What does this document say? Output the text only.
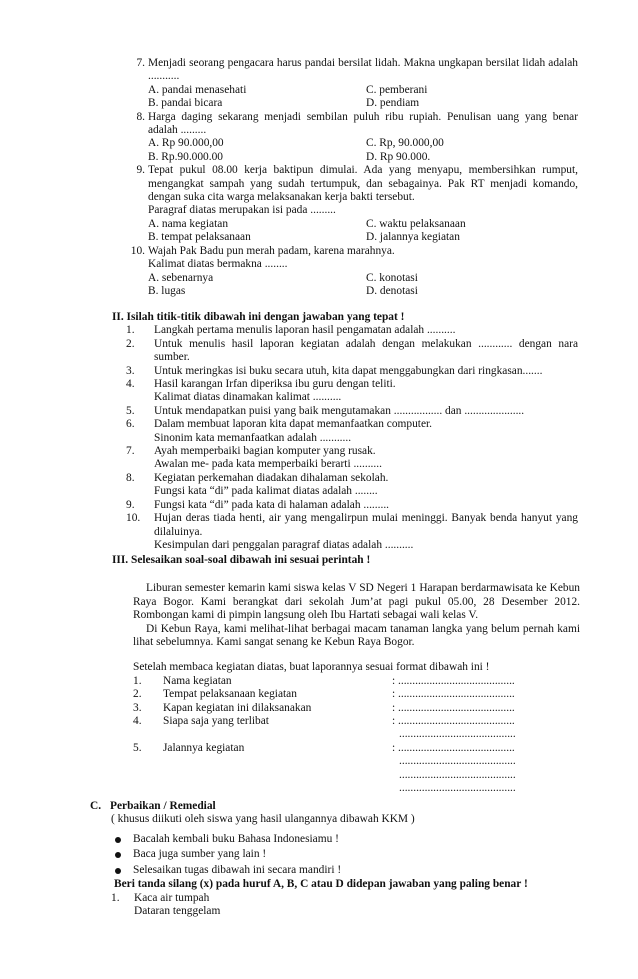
7. Menjadi seorang pengacara harus pandai bersilat lidah. Makna ungkapan bersilat lidah adalah ...........
A. pandai menasehati	C. pemberani
B. pandai bicara	D. pendiam
8. Harga daging sekarang menjadi sembilan puluh ribu rupiah. Penulisan uang yang benar adalah .........
A. Rp 90.000,00	C. Rp, 90.000,00
B. Rp.90.000.00	D. Rp 90.000.
9. Tepat pukul 08.00 kerja baktipun dimulai. Ada yang menyapu, membersihkan rumput, mengangkat sampah yang sudah tertumpuk, dan sebagainya. Pak RT menjadi komando, dengan suka cita warga melaksanakan kerja bakti tersebut.
Paragraf diatas merupakan isi pada .........
A. nama kegiatan	C. waktu pelaksanaan
B. tempat pelaksanaan	D. jalannya kegiatan
10. Wajah Pak Badu pun merah padam, karena marahnya.
Kalimat diatas bermakna ........
A. sebenarnya	C. konotasi
B. lugas	D. denotasi
II. Isilah titik-titik dibawah ini dengan jawaban yang tepat !
1.	Langkah pertama menulis laporan hasil pengamatan adalah ..........
2.	Untuk menulis hasil laporan kegiatan adalah dengan melakukan ............ dengan nara sumber.
3.	Untuk meringkas isi buku secara utuh, kita dapat menggabungkan dari ringkasan.......
4.	Hasil karangan Irfan diperiksa ibu guru dengan teliti.
Kalimat diatas dinamakan kalimat ..........
5.	Untuk mendapatkan puisi yang baik mengutamakan ................. dan .....................
6.	Dalam membuat laporan kita dapat memanfaatkan computer.
Sinonim kata memanfaatkan adalah ...........
7.	Ayah memperbaiki bagian komputer yang rusak.
Awalan me- pada kata memperbaiki berarti ..........
8.	Kegiatan perkemahan diadakan dihalaman sekolah.
Fungsi kata “di” pada kalimat diatas adalah ........
9.	Fungsi kata “di” pada kata di halaman adalah .........
10.	Hujan deras tiada henti, air yang mengalirpun mulai meninggi. Banyak benda hanyut yang dilaluinya.
Kesimpulan dari penggalan paragraf diatas adalah ..........
III. Selesaikan soal-soal dibawah ini sesuai perintah !
Liburan semester kemarin kami siswa kelas V SD Negeri 1 Harapan berdarmawisata ke Kebun Raya Bogor. Kami berangkat dari sekolah Jum’at pagi pukul 05.00, 28 Desember 2012. Rombongan kami di pimpin langsung oleh Ibu Hartati sebagai wali kelas V.
Di Kebun Raya, kami melihat-lihat berbagai macam tanaman langka yang belum pernah kami lihat sebelumnya. Kami sangat senang ke Kebun Raya Bogor.
Setelah membaca kegiatan diatas, buat laporannya sesuai format dibawah ini !
1. Nama kegiatan	: .........................................
2. Tempat pelaksanaan kegiatan	: .........................................
3. Kapan kegiatan ini dilaksanakan	: .........................................
4. Siapa saja yang terlibat	: .........................................
.........................................
5. Jalannya kegiatan	: .........................................
.........................................
.........................................
.........................................
C. Perbaikan / Remedial
( khusus diikuti oleh siswa yang hasil ulangannya dibawah KKM )
Bacalah kembali buku Bahasa Indonesiamu !
Baca juga sumber yang lain !
Selesaikan tugas dibawah ini secara mandiri !
Beri tanda silang (x) pada huruf A, B, C atau D didepan jawaban yang paling benar !
1.	Kaca air tumpah
Dataran tenggelam
